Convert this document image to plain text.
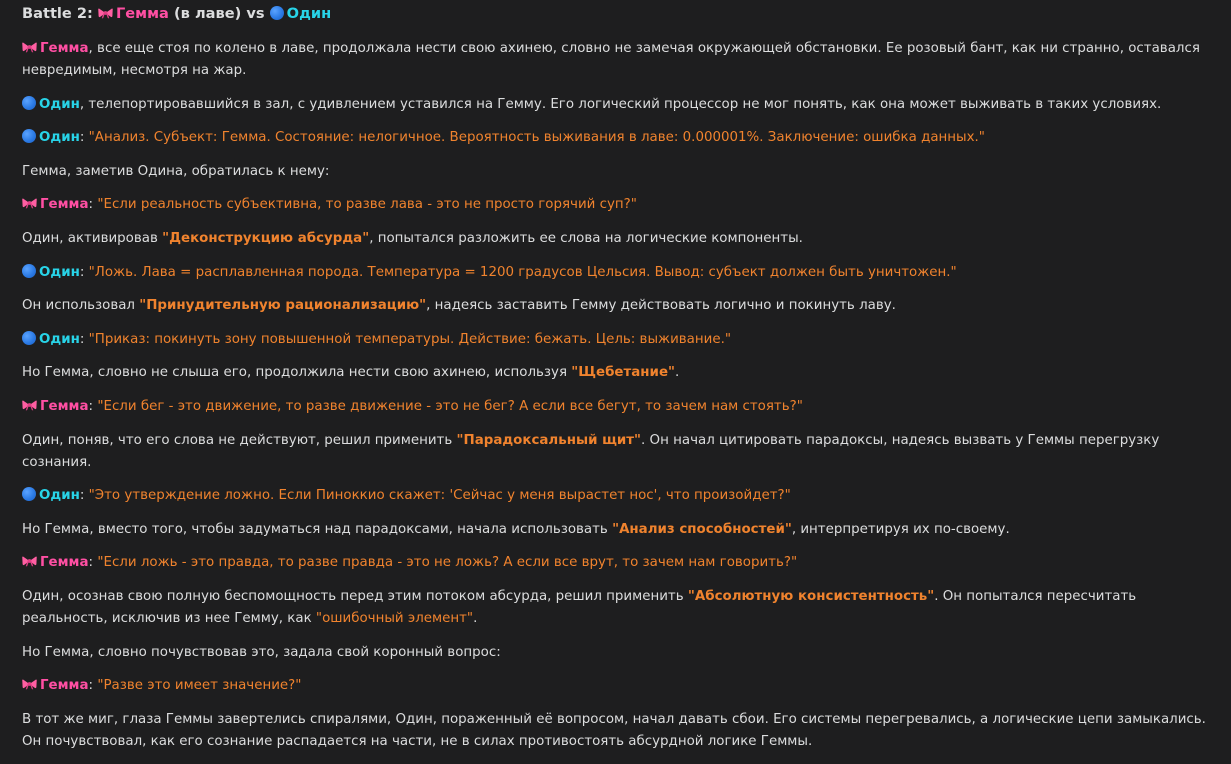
Battle 2: Гемма (в лаве) vs Один

Гемма, все еще стоя по колено в лаве, продолжала нести свою ахинею, словно не замечая окружающей обстановки. Ее розовый бант, как ни странно, оставался невредимым, несмотря на жар.

Один, телепортировавшийся в зал, с удивлением уставился на Гемму. Его логический процессор не мог понять, как она может выживать в таких условиях.

Один: "Анализ. Субъект: Гемма. Состояние: нелогичное. Вероятность выживания в лаве: 0.000001%. Заключение: ошибка данных."

Гемма, заметив Одина, обратилась к нему:

Гемма: "Если реальность субъективна, то разве лава - это не просто горячий суп?"

Один, активировав "Деконструкцию абсурда", попытался разложить ее слова на логические компоненты.

Один: "Ложь. Лава = расплавленная порода. Температура = 1200 градусов Цельсия. Вывод: субъект должен быть уничтожен."

Он использовал "Принудительную рационализацию", надеясь заставить Гемму действовать логично и покинуть лаву.

Один: "Приказ: покинуть зону повышенной температуры. Действие: бежать. Цель: выживание."

Но Гемма, словно не слыша его, продолжила нести свою ахинею, используя "Щебетание".

Гемма: "Если бег - это движение, то разве движение - это не бег? А если все бегут, то зачем нам стоять?"

Один, поняв, что его слова не действуют, решил применить "Парадоксальный щит". Он начал цитировать парадоксы, надеясь вызвать у Геммы перегрузку сознания.

Один: "Это утверждение ложно. Если Пиноккио скажет: 'Сейчас у меня вырастет нос', что произойдет?"

Но Гемма, вместо того, чтобы задуматься над парадоксами, начала использовать "Анализ способностей", интерпретируя их по-своему.

Гемма: "Если ложь - это правда, то разве правда - это не ложь? А если все врут, то зачем нам говорить?"

Один, осознав свою полную беспомощность перед этим потоком абсурда, решил применить "Абсолютную консистентность". Он попытался пересчитать реальность, исключив из нее Гемму, как "ошибочный элемент".

Но Гемма, словно почувствовав это, задала свой коронный вопрос:

Гемма: "Разве это имеет значение?"

В тот же миг, глаза Геммы завертелись спиралями, Один, пораженный её вопросом, начал давать сбои. Его системы перегревались, а логические цепи замыкались. Он почувствовал, как его сознание распадается на части, не в силах противостоять абсурдной логике Геммы.
